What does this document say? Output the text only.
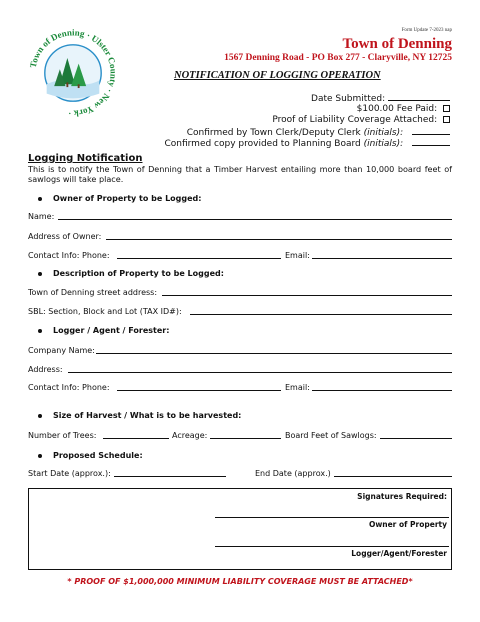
Town of Denning · Ulster County · New York ·
Form Update 7-2023 nap
Town of Denning
1567 Denning Road - PO Box 277 - Claryville, NY 12725
NOTIFICATION OF LOGGING OPERATION
Date Submitted:
$100.00 Fee Paid:
Proof of Liability Coverage Attached:
Confirmed by Town Clerk/Deputy Clerk (initials):
Confirmed copy provided to Planning Board (initials):
Logging Notification
This is to notify the Town of Denning that a Timber Harvest entailing more than 10,000 board feet of sawlogs will take place.
Owner of Property to be Logged:
Name:
Address of Owner:
Contact Info: Phone:	Email:
Description of Property to be Logged:
Town of Denning street address:
SBL: Section, Block and Lot (TAX ID#):
Logger / Agent / Forester:
Company Name:
Address:
Contact Info: Phone:	Email:
Size of Harvest / What is to be harvested:
Number of Trees:	Acreage:	Board Feet of Sawlogs:
Proposed Schedule:
Start Date (approx.):	End Date (approx.)
Signatures Required:
Owner of Property
Logger/Agent/Forester
* PROOF OF $1,000,000 MINIMUM LIABILITY COVERAGE MUST BE ATTACHED*
